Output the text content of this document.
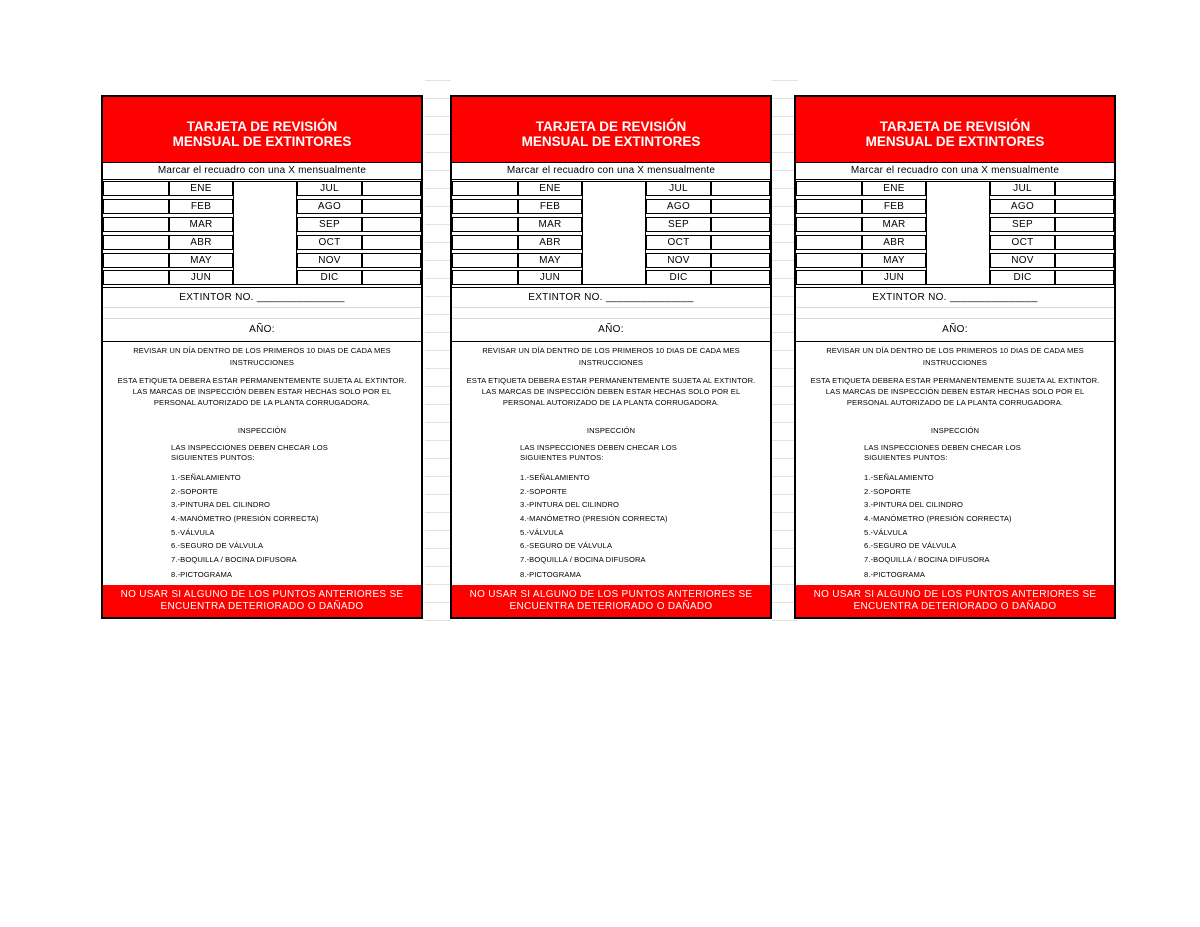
TARJETA DE REVISIÓN MENSUAL DE EXTINTORES
Marcar el recuadro con una X mensualmente
ENE	JUL
FEB	AGO
MAR	SEP
ABR	OCT
MAY	NOV
JUN	DIC
EXTINTOR NO. _______________
AÑO:
REVISAR UN DÍA DENTRO DE LOS PRIMEROS 10 DIAS DE CADA MES
INSTRUCCIONES
ESTA ETIQUETA DEBERA ESTAR PERMANENTEMENTE SUJETA AL EXTINTOR.
LAS MARCAS DE INSPECCIÓN DEBEN ESTAR HECHAS SOLO POR EL
PERSONAL AUTORIZADO DE LA PLANTA CORRUGADORA.
INSPECCIÓN
LAS INSPECCIONES DEBEN CHECAR LOS
SIGUIENTES PUNTOS:
1.-SEÑALAMIENTO
2.-SOPORTE
3.-PINTURA DEL CILINDRO
4.-MANÓMETRO (PRESIÓN CORRECTA)
5.-VÁLVULA
6.-SEGURO DE VÁLVULA
7.-BOQUILLA / BOCINA DIFUSORA
8.-PICTOGRAMA
NO USAR SI ALGUNO DE LOS PUNTOS ANTERIORES SE ENCUENTRA DETERIORADO O DAÑADO
TARJETA DE REVISIÓN MENSUAL DE EXTINTORES
Marcar el recuadro con una X mensualmente
ENE	JUL
FEB	AGO
MAR	SEP
ABR	OCT
MAY	NOV
JUN	DIC
EXTINTOR NO. _______________
AÑO:
REVISAR UN DÍA DENTRO DE LOS PRIMEROS 10 DIAS DE CADA MES
INSTRUCCIONES
ESTA ETIQUETA DEBERA ESTAR PERMANENTEMENTE SUJETA AL EXTINTOR.
LAS MARCAS DE INSPECCIÓN DEBEN ESTAR HECHAS SOLO POR EL
PERSONAL AUTORIZADO DE LA PLANTA CORRUGADORA.
INSPECCIÓN
LAS INSPECCIONES DEBEN CHECAR LOS
SIGUIENTES PUNTOS:
1.-SEÑALAMIENTO
2.-SOPORTE
3.-PINTURA DEL CILINDRO
4.-MANÓMETRO (PRESIÓN CORRECTA)
5.-VÁLVULA
6.-SEGURO DE VÁLVULA
7.-BOQUILLA / BOCINA DIFUSORA
8.-PICTOGRAMA
NO USAR SI ALGUNO DE LOS PUNTOS ANTERIORES SE ENCUENTRA DETERIORADO O DAÑADO
TARJETA DE REVISIÓN MENSUAL DE EXTINTORES
Marcar el recuadro con una X mensualmente
ENE	JUL
FEB	AGO
MAR	SEP
ABR	OCT
MAY	NOV
JUN	DIC
EXTINTOR NO. _______________
AÑO:
REVISAR UN DÍA DENTRO DE LOS PRIMEROS 10 DIAS DE CADA MES
INSTRUCCIONES
ESTA ETIQUETA DEBERA ESTAR PERMANENTEMENTE SUJETA AL EXTINTOR.
LAS MARCAS DE INSPECCIÓN DEBEN ESTAR HECHAS SOLO POR EL
PERSONAL AUTORIZADO DE LA PLANTA CORRUGADORA.
INSPECCIÓN
LAS INSPECCIONES DEBEN CHECAR LOS
SIGUIENTES PUNTOS:
1.-SEÑALAMIENTO
2.-SOPORTE
3.-PINTURA DEL CILINDRO
4.-MANÓMETRO (PRESIÓN CORRECTA)
5.-VÁLVULA
6.-SEGURO DE VÁLVULA
7.-BOQUILLA / BOCINA DIFUSORA
8.-PICTOGRAMA
NO USAR SI ALGUNO DE LOS PUNTOS ANTERIORES SE ENCUENTRA DETERIORADO O DAÑADO
